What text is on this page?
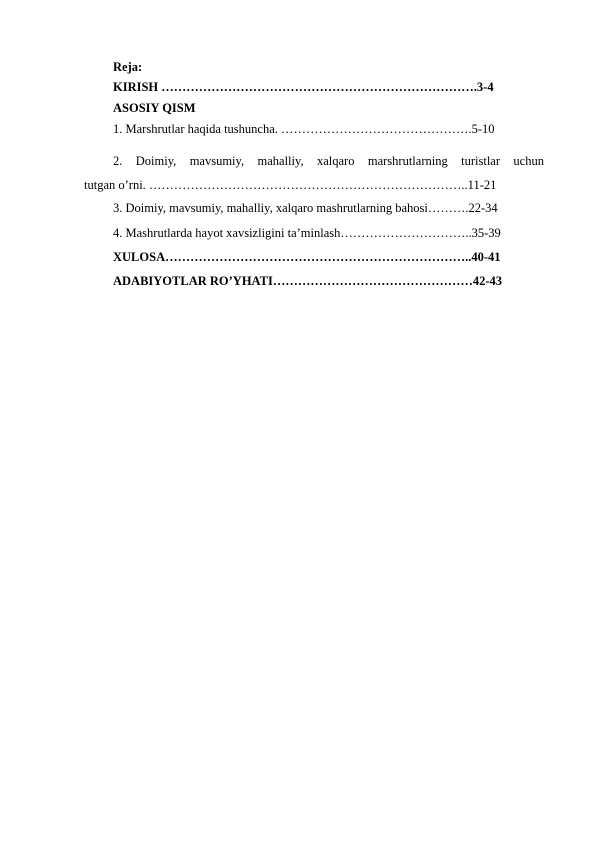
Reja:
KIRISH ………………………………………………………………….3-4
ASOSIY QISM
1. Marshrutlar haqida tushuncha. ……………………………………….5-10
2. Doimiy, mavsumiy, mahalliy, xalqaro marshrutlarning turistlar uchun
tutgan o’rni. …………………………………………………………………..11-21
3. Doimiy, mavsumiy, mahalliy, xalqaro mashrutlarning bahosi……….22-34
4. Mashrutlarda hayot xavsizligini ta’minlash…………………………..35-39
XULOSA………………………………………………………………..40-41
ADABIYOTLAR RO’YHATI…………………………………………42-43
